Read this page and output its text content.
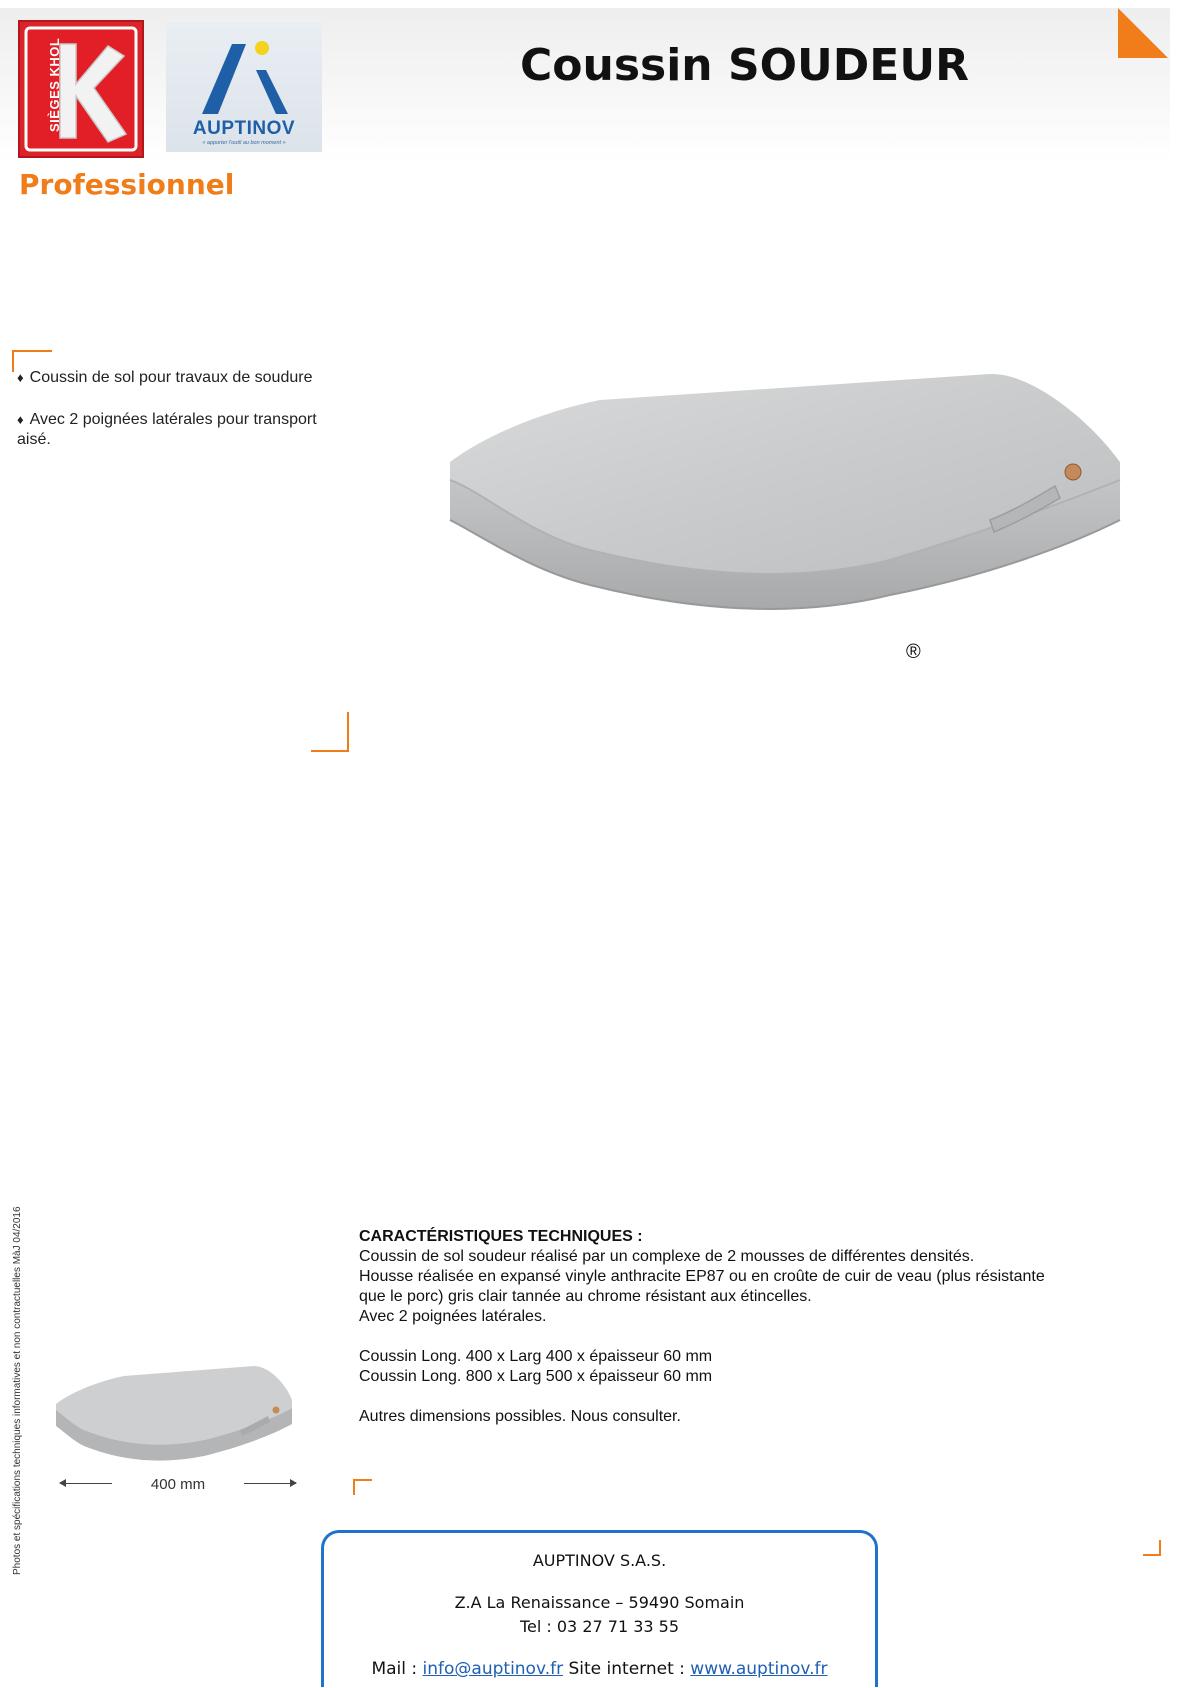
SIÈGES KHOL	AUPTINOV
« apporter l'outil au bon moment »
Coussin SOUDEUR
Professionnel
♦ Coussin de sol pour travaux de soudure
♦ Avec 2 poignées latérales pour transport aisé.
®
Photos et spécifications techniques informatives et non contractuelles MàJ 04/2016	400 mm
CARACTÉRISTIQUES TECHNIQUES :
Coussin de sol soudeur réalisé par un complexe de 2 mousses de différentes densités.
Housse réalisée en expansé vinyle anthracite EP87 ou en croûte de cuir de veau (plus résistante
que le porc) gris clair tannée au chrome résistant aux étincelles.
Avec 2 poignées latérales.
Coussin Long. 400 x Larg 400 x épaisseur 60 mm
Coussin Long. 800 x Larg 500 x épaisseur 60 mm
Autres dimensions possibles. Nous consulter.
AUPTINOV S.A.S.
Z.A La Renaissance – 59490 Somain
Tel : 03 27 71 33 55
Mail : info@auptinov.fr Site internet : www.auptinov.fr
